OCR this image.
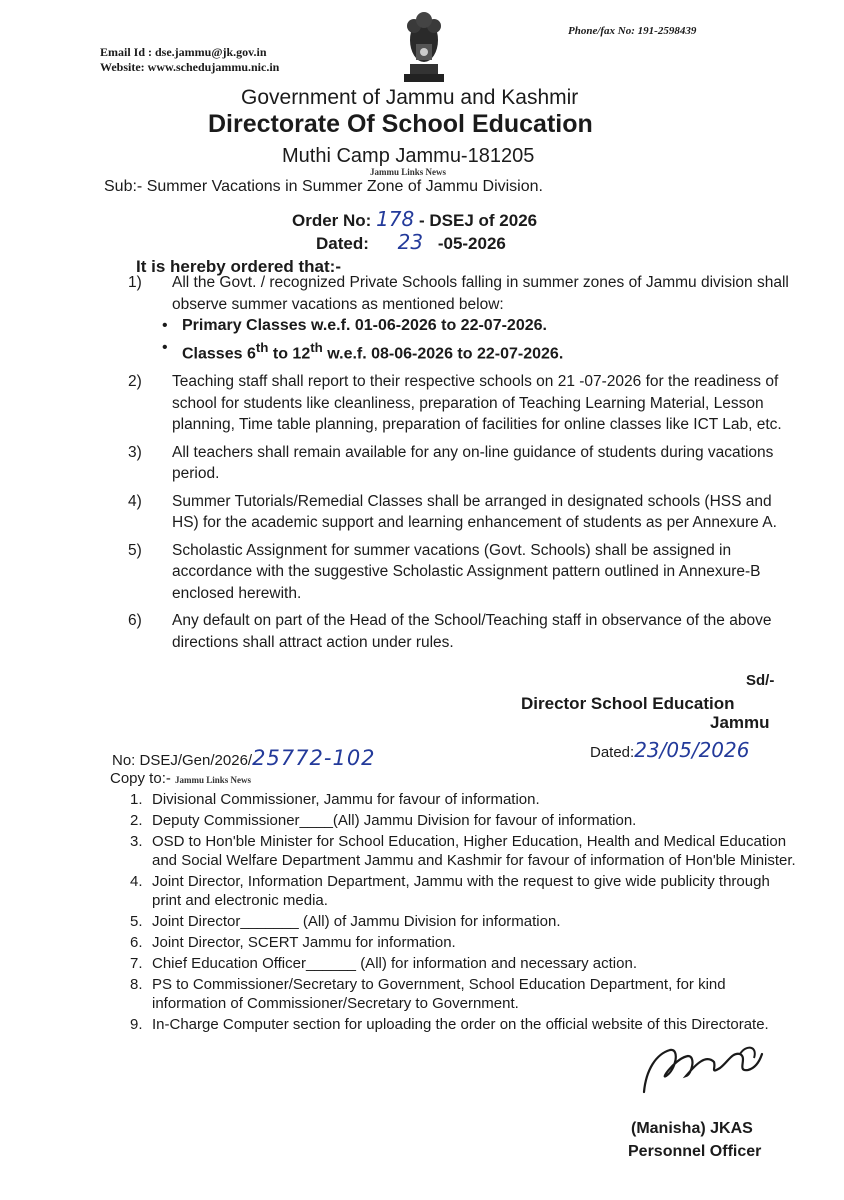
Email Id : dse.jammu@jk.gov.in
Website: www.schedujammu.nic.in
Phone/fax No: 191-2598439
Government of Jammu and Kashmir
Directorate Of School Education
Muthi Camp Jammu-181205
Jammu Links News
Sub:- Summer Vacations in Summer Zone of Jammu Division.
Order No: 178 - DSEJ of 2026
Dated: 23 -05-2026
It is hereby ordered that:-
1) All the Govt. / recognized Private Schools falling in summer zones of Jammu division shall observe summer vacations as mentioned below:
• Primary Classes w.e.f. 01-06-2026 to 22-07-2026.
• Classes 6th to 12th w.e.f. 08-06-2026 to 22-07-2026.
2) Teaching staff shall report to their respective schools on 21 -07-2026 for the readiness of school for students like cleanliness, preparation of Teaching Learning Material, Lesson planning, Time table planning, preparation of facilities for online classes like ICT Lab, etc.
3) All teachers shall remain available for any on-line guidance of students during vacations period.
4) Summer Tutorials/Remedial Classes shall be arranged in designated schools (HSS and HS) for the academic support and learning enhancement of students as per Annexure A.
5) Scholastic Assignment for summer vacations (Govt. Schools) shall be assigned in accordance with the suggestive Scholastic Assignment pattern outlined in Annexure-B enclosed herewith.
6) Any default on part of the Head of the School/Teaching staff in observance of the above directions shall attract action under rules.
Sd/-
Director School Education
Jammu
No: DSEJ/Gen/2026/25772-102	Dated:23/05/2026
Copy to:- Jammu Links News
1. Divisional Commissioner, Jammu for favour of information.
2. Deputy Commissioner____(All) Jammu Division for favour of information.
3. OSD to Hon'ble Minister for School Education, Higher Education, Health and Medical Education and Social Welfare Department Jammu and Kashmir for favour of information of Hon'ble Minister.
4. Joint Director, Information Department, Jammu with the request to give wide publicity through print and electronic media.
5. Joint Director_______ (All) of Jammu Division for information.
6. Joint Director, SCERT Jammu for information.
7. Chief Education Officer______ (All) for information and necessary action.
8. PS to Commissioner/Secretary to Government, School Education Department, for kind information of Commissioner/Secretary to Government.
9. In-Charge Computer section for uploading the order on the official website of this Directorate.
(Manisha) JKAS
Personnel Officer
